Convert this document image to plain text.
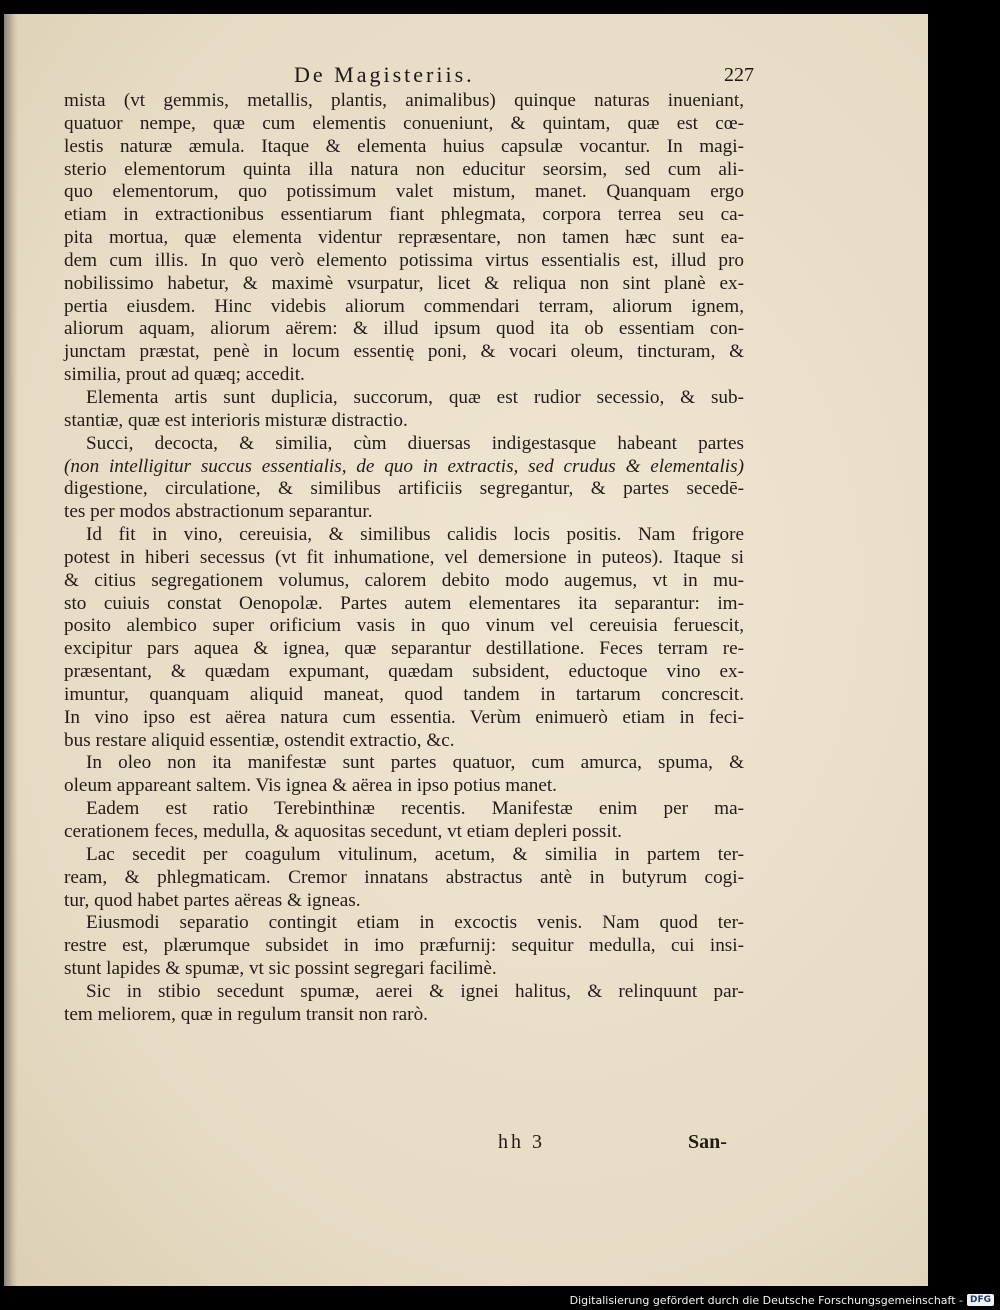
De Magisteriis.	227
mista (vt gemmis, metallis, plantis, animalibus) quinque naturas inueniant,
quatuor nempe, quæ cum elementis conueniunt, & quintam, quæ est cœ-
lestis naturæ æmula. Itaque & elementa huius capsulæ vocantur. In magi-
sterio elementorum quinta illa natura non educitur seorsim, sed cum ali-
quo elementorum, quo potissimum valet mistum, manet. Quanquam ergo
etiam in extractionibus essentiarum fiant phlegmata, corpora terrea seu ca-
pita mortua, quæ elementa videntur repræsentare, non tamen hæc sunt ea-
dem cum illis. In quo verò elemento potissima virtus essentialis est, illud pro
nobilissimo habetur, & maximè vsurpatur, licet & reliqua non sint planè ex-
pertia eiusdem. Hinc videbis aliorum commendari terram, aliorum ignem,
aliorum aquam, aliorum aërem: & illud ipsum quod ita ob essentiam con-
junctam præstat, penè in locum essentię poni, & vocari oleum, tincturam, &
similia, prout ad quæq; accedit.
Elementa artis sunt duplicia, succorum, quæ est rudior secessio, & sub-
stantiæ, quæ est interioris misturæ distractio.
Succi, decocta, & similia, cùm diuersas indigestasque habeant partes
(non intelligitur succus essentialis, de quo in extractis, sed crudus & elementalis)
digestione, circulatione, & similibus artificiis segregantur, & partes secedē-
tes per modos abstractionum separantur.
Id fit in vino, cereuisia, & similibus calidis locis positis. Nam frigore
potest in hiberi secessus (vt fit inhumatione, vel demersione in puteos). Itaque si
& citius segregationem volumus, calorem debito modo augemus, vt in mu-
sto cuiuis constat Oenopolæ. Partes autem elementares ita separantur: im-
posito alembico super orificium vasis in quo vinum vel cereuisia feruescit,
excipitur pars aquea & ignea, quæ separantur destillatione. Feces terram re-
præsentant, & quædam expumant, quædam subsident, eductoque vino ex-
imuntur, quanquam aliquid maneat, quod tandem in tartarum concrescit.
In vino ipso est aërea natura cum essentia. Verùm enimuerò etiam in feci-
bus restare aliquid essentiæ, ostendit extractio, &c.
In oleo non ita manifestæ sunt partes quatuor, cum amurca, spuma, &
oleum appareant saltem. Vis ignea & aërea in ipso potius manet.
Eadem est ratio Terebinthinæ recentis. Manifestæ enim per ma-
cerationem feces, medulla, & aquositas secedunt, vt etiam depleri possit.
Lac secedit per coagulum vitulinum, acetum, & similia in partem ter-
ream, & phlegmaticam. Cremor innatans abstractus antè in butyrum cogi-
tur, quod habet partes aëreas & igneas.
Eiusmodi separatio contingit etiam in excoctis venis. Nam quod ter-
restre est, plærumque subsidet in imo præfurnij: sequitur medulla, cui insi-
stunt lapides & spumæ, vt sic possint segregari facilimè.
Sic in stibio secedunt spumæ, aerei & ignei halitus, & relinquunt par-
tem meliorem, quæ in regulum transit non rarò.
hh 3	San-
Digitalisierung gefördert durch die Deutsche Forschungsgemeinschaft - DFG
